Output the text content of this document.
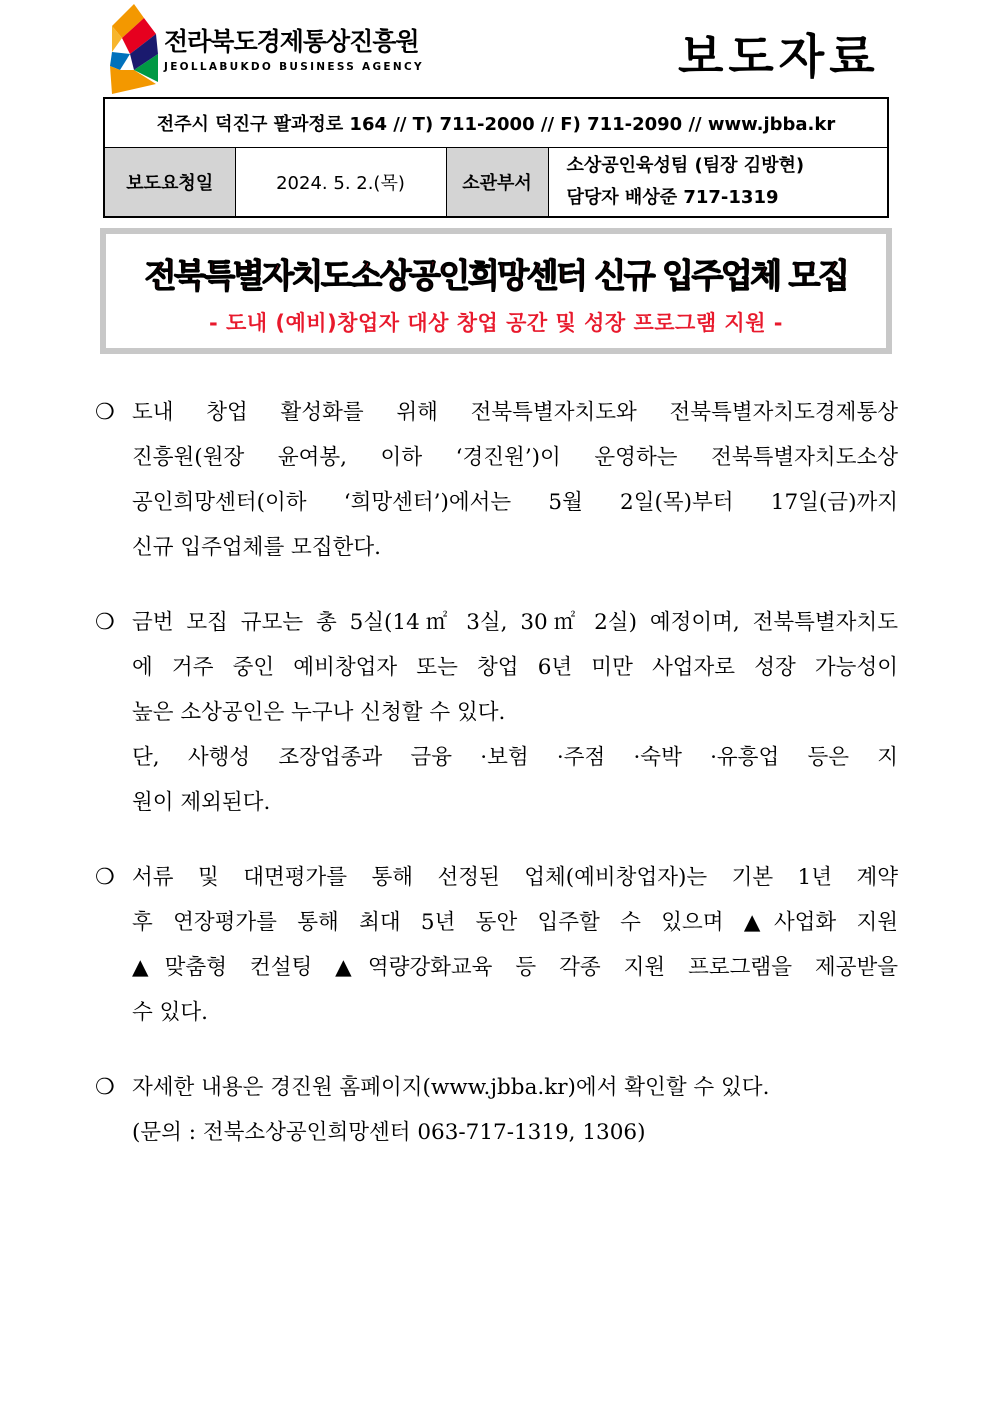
전라북도경제통상진흥원
JEOLLABUKDO BUSINESS AGENCY	보도자료
전주시 덕진구 팔과정로 164 // T) 711-2000 // F) 711-2090 // www.jbba.kr
보도요청일	2024. 5. 2.(목)	소관부서	
소상공인육성팀 (팀장 김방현)
담당자 배상준 717-1319
전북특별자치도소상공인희망센터 신규 입주업체 모집
- 도내 (예비)창업자 대상 창업 공간 및 성장 프로그램 지원 -
❍ 도내 창업 활성화를 위해 전북특별자치도와 전북특별자치도경제통상
진흥원(원장 윤여봉, 이하 ‘경진원’)이 운영하는 전북특별자치도소상
공인희망센터(이하 ‘희망센터’)에서는 5월 2일(목)부터 17일(금)까지
신규 입주업체를 모집한다.
❍ 금번 모집 규모는 총 5실(14㎡ 3실, 30㎡ 2실) 예정이며, 전북특별자치도
에 거주 중인 예비창업자 또는 창업 6년 미만 사업자로 성장 가능성이
높은 소상공인은 누구나 신청할 수 있다.
단, 사행성 조장업종과 금융 ·보험 ·주점 ·숙박 ·유흥업 등은 지
원이 제외된다.
❍ 서류 및 대면평가를 통해 선정된 업체(예비창업자)는 기본 1년 계약
후 연장평가를 통해 최대 5년 동안 입주할 수 있으며 ▲사업화 지원
▲맞춤형 컨설팅 ▲역량강화교육 등 각종 지원 프로그램을 제공받을
수 있다.
❍ 자세한 내용은 경진원 홈페이지(www.jbba.kr)에서 확인할 수 있다.
(문의 : 전북소상공인희망센터 063-717-1319, 1306)
